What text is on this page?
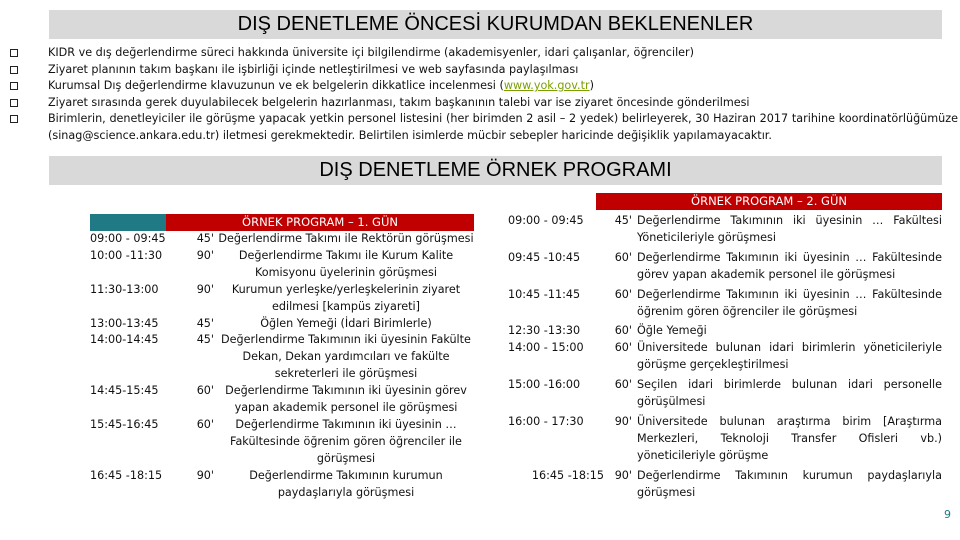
DIŞ DENETLEME ÖNCESİ KURUMDAN BEKLENENLER
KIDR ve dış değerlendirme süreci hakkında üniversite içi bilgilendirme (akademisyenler, idari çalışanlar, öğrenciler)
Ziyaret planının takım başkanı ile işbirliği içinde netleştirilmesi ve web sayfasında paylaşılması
Kurumsal Dış değerlendirme klavuzunun ve ek belgelerin dikkatlice incelenmesi (www.yok.gov.tr)
Ziyaret sırasında gerek duyulabilecek belgelerin hazırlanması, takım başkanının talebi var ise ziyaret öncesinde gönderilmesi
Birimlerin, denetleyiciler ile görüşme yapacak yetkin personel listesini (her birimden 2 asil – 2 yedek) belirleyerek, 30 Haziran 2017 tarihine koordinatörlüğümüze (sinag@science.ankara.edu.tr) iletmesi gerekmektedir. Belirtilen isimlerde mücbir sebepler haricinde değişiklik yapılamayacaktır.
DIŞ DENETLEME ÖRNEK PROGRAMI
ÖRNEK PROGRAM – 1. GÜN
09:00 - 09:45	45'	Değerlendirme Takımı ile Rektörün görüşmesi
10:00 -11:30	90'	Değerlendirme Takımı ile Kurum Kalite Komisyonu üyelerinin görüşmesi
11:30-13:00	90'	Kurumun yerleşke/yerleşkelerinin ziyaret edilmesi [kampüs ziyareti]
13:00-13:45	45'	Öğlen Yemeği (İdari Birimlerle)
14:00-14:45	45'	Değerlendirme Takımının iki üyesinin Fakülte Dekan, Dekan yardımcıları ve fakülte sekreterleri ile görüşmesi
14:45-15:45	60'	Değerlendirme Takımının iki üyesinin görev yapan akademik personel ile görüşmesi
15:45-16:45	60'	Değerlendirme Takımının iki üyesinin … Fakültesinde öğrenim gören öğrenciler ile görüşmesi
16:45 -18:15	90'	Değerlendirme Takımının kurumun paydaşlarıyla görüşmesi
ÖRNEK PROGRAM – 2. GÜN
09:00 - 09:45	45'	Değerlendirme Takımının iki üyesinin … Fakültesi Yöneticileriyle görüşmesi
09:45 -10:45	60'	Değerlendirme Takımının iki üyesinin … Fakültesinde görev yapan akademik personel ile görüşmesi
10:45 -11:45	60'	Değerlendirme Takımının iki üyesinin … Fakültesinde öğrenim gören öğrenciler ile görüşmesi
12:30 -13:30	60'	Öğle Yemeği
14:00 - 15:00	60'	Üniversitede bulunan idari birimlerin yöneticileriyle görüşme gerçekleştirilmesi
15:00 -16:00	60'	Seçilen idari birimlerde bulunan idari personelle görüşülmesi
16:00 - 17:30	90'	Üniversitede bulunan araştırma birim [Araştırma Merkezleri, Teknoloji Transfer Ofisleri vb.) yöneticileriyle görüşme
16:45 -18:15	90'	Değerlendirme Takımının kurumun paydaşlarıyla görüşmesi
9
